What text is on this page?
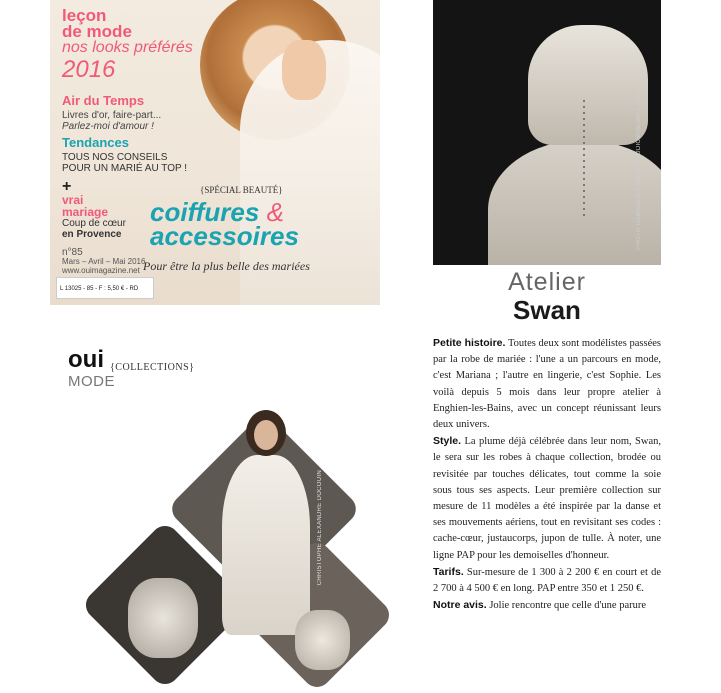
leçon
de mode
nos looks préférés
2016
Air du Temps
Livres d'or, faire-part...
Parlez-moi d'amour !
Tendances
TOUS NOS CONSEILS
POUR UN MARIÉ AU TOP !
+
vrai
mariage
Coup de cœur
en Provence
n°85
Mars – Avril – Mai 2016
www.ouimagazine.net
L 13025 - 85 - F : 5,50 € - RD
{SPÉCIAL BEAUTÉ}
coiffures &
accessoires
Pour être la plus belle des mariées
PHOTO DAMIEN ALLAMELE/STUDIOWINDMILL.COM
Atelier
Swan

Petite histoire. Toutes deux sont modélistes passées par la robe de mariée : l'une a un parcours en mode, c'est Mariana ; l'autre en lingerie, c'est Sophie. Les voilà depuis 5 mois dans leur propre atelier à Enghien-les-Bains, avec un concept réunissant leurs deux univers.

Style. La plume déjà célébrée dans leur nom, Swan, le sera sur les robes à chaque collection, brodée ou revisitée par touches délicates, tout comme la soie sous tous ses aspects. Leur première collection sur mesure de 11 modèles a été inspirée par la danse et ses mouvements aériens, tout en revisitant ses codes : cache-cœur, justaucorps, jupon de tulle. À noter, une ligne PAP pour les demoiselles d'honneur.

Tarifs. Sur-mesure de 1 300 à 2 200 € en court et de 2 700 à 4 500 € en long. PAP entre 350 et 1 250 €.

Notre avis. Jolie rencontre que celle d'une parure

oui {COLLECTIONS}
MODE
CHRISTOPHE ALEXANDRE DOCOUIN
